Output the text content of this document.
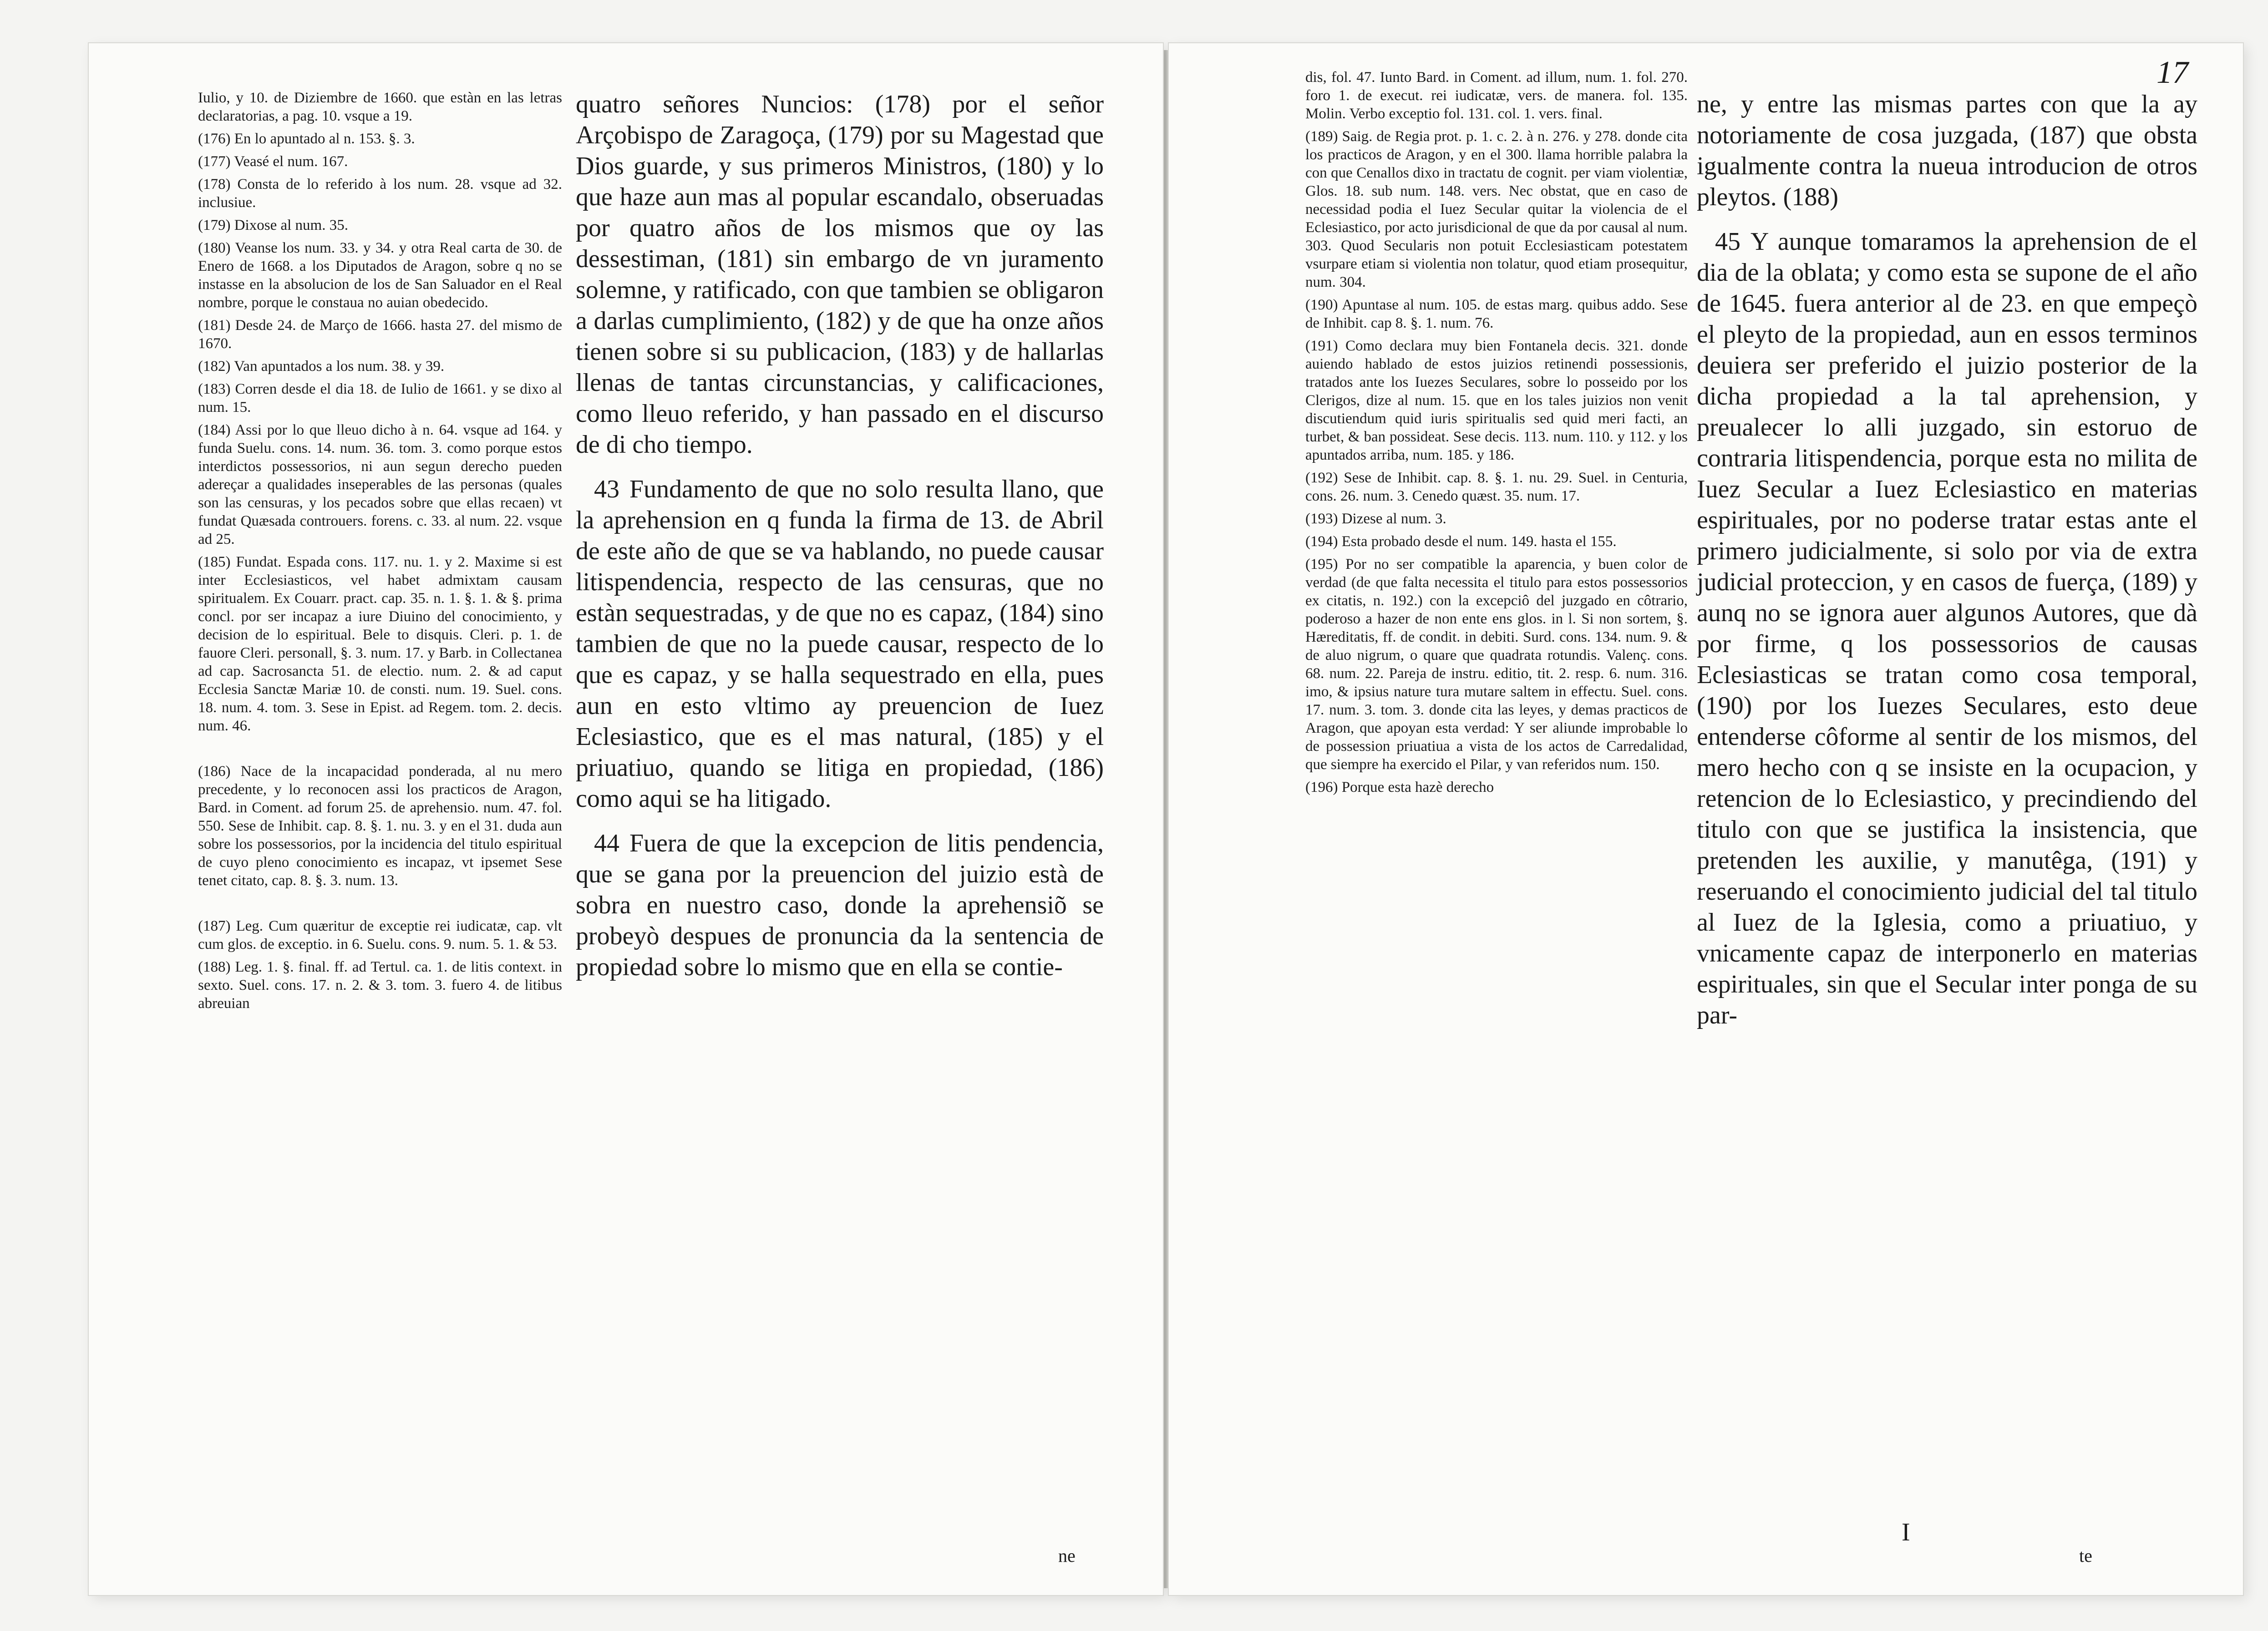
Iulio, y 10. de Diziembre de 1660. que estàn en las letras declaratorias, a pag. 10. vsque a 19.

(176) En lo apuntado al n. 153. §. 3.

(177) Veasé el num. 167.

(178) Consta de lo referido à los num. 28. vsque ad 32. inclusiue.

(179) Dixose al num. 35.

(180) Veanse los num. 33. y 34. y otra Real carta de 30. de Enero de 1668. a los Diputados de Aragon, sobre q no se instasse en la absolucion de los de San Saluador en el Real nombre, porque le constaua no auian obedecido.

(181) Desde 24. de Março de 1666. hasta 27. del mismo de 1670.

(182) Van apuntados a los num. 38. y 39.

(183) Corren desde el dia 18. de Iulio de 1661. y se dixo al num. 15.

(184) Assi por lo que lleuo dicho à n. 64. vsque ad 164. y funda Suelu. cons. 14. num. 36. tom. 3. como porque estos interdictos possessorios, ni aun segun derecho pueden adereçar a qualidades inseperables de las personas (quales son las censuras, y los pecados sobre que ellas recaen) vt fundat Quæsada controuers. forens. c. 33. al num. 22. vsque ad 25.

(185) Fundat. Espada cons. 117. nu. 1. y 2. Maxime si est inter Ecclesiasticos, vel habet admixtam causam spiritualem. Ex Couarr. pract. cap. 35. n. 1. §. 1. & §. prima concl. por ser incapaz a iure Diuino del conocimiento, y decision de lo espiritual. Bele to disquis. Cleri. p. 1. de fauore Cleri. personall, §. 3. num. 17. y Barb. in Collectanea ad cap. Sacrosancta 51. de electio. num. 2. & ad caput Ecclesia Sanctæ Mariæ 10. de consti. num. 19. Suel. cons. 18. num. 4. tom. 3. Sese in Epist. ad Regem. tom. 2. decis. num. 46.

(186) Nace de la incapacidad ponderada, al nu mero precedente, y lo reconocen assi los practicos de Aragon, Bard. in Coment. ad forum 25. de aprehensio. num. 47. fol. 550. Sese de Inhibit. cap. 8. §. 1. nu. 3. y en el 31. duda aun sobre los possessorios, por la incidencia del titulo espiritual de cuyo pleno conocimiento es incapaz, vt ipsemet Sese tenet citato, cap. 8. §. 3. num. 13.

(187) Leg. Cum quæritur de exceptie rei iudicatæ, cap. vlt cum glos. de exceptio. in 6. Suelu. cons. 9. num. 5. 1. & 53.

(188) Leg. 1. §. final. ff. ad Tertul. ca. 1. de litis context. in sexto. Suel. cons. 17. n. 2. & 3. tom. 3. fuero 4. de litibus abreuian

quatro señores Nuncios: (178) por el señor Arçobispo de Zaragoça, (179) por su Magestad que Dios guarde, y sus primeros Ministros, (180) y lo que haze aun mas al popular escandalo, obseruadas por quatro años de los mismos que oy las dessestiman, (181) sin embargo de vn juramento solemne, y ratificado, con que tambien se obligaron a darlas cumplimiento, (182) y de que ha onze años tienen sobre si su publicacion, (183) y de hallarlas llenas de tantas circunstancias, y calificaciones, como lleuo referido, y han passado en el discurso de di cho tiempo.

43 Fundamento de que no solo resulta llano, que la aprehension en q funda la firma de 13. de Abril de este año de que se va hablando, no puede causar litispendencia, respecto de las censuras, que no estàn sequestradas, y de que no es capaz, (184) sino tambien de que no la puede causar, respecto de lo que es capaz, y se halla sequestrado en ella, pues aun en esto vltimo ay preuencion de Iuez Eclesiastico, que es el mas natural, (185) y el priuatiuo, quando se litiga en propiedad, (186) como aqui se ha litigado.

44 Fuera de que la excepcion de litis pendencia, que se gana por la preuencion del juizio està de sobra en nuestro caso, donde la aprehensiõ se probeyò despues de pronuncia da la sentencia de propiedad sobre lo mismo que en ella se contie-

ne
17

dis, fol. 47. Iunto Bard. in Coment. ad illum, num. 1. fol. 270. foro 1. de execut. rei iudicatæ, vers. de manera. fol. 135. Molin. Verbo exceptio fol. 131. col. 1. vers. final.

(189) Saig. de Regia prot. p. 1. c. 2. à n. 276. y 278. donde cita los practicos de Aragon, y en el 300. llama horrible palabra la con que Cenallos dixo in tractatu de cognit. per viam violentiæ, Glos. 18. sub num. 148. vers. Nec obstat, que en caso de necessidad podia el Iuez Secular quitar la violencia de el Eclesiastico, por acto jurisdicional de que da por causal al num. 303. Quod Secularis non potuit Ecclesiasticam potestatem vsurpare etiam si violentia non tolatur, quod etiam prosequitur, num. 304.

(190) Apuntase al num. 105. de estas marg. quibus addo. Sese de Inhibit. cap 8. §. 1. num. 76.

(191) Como declara muy bien Fontanela decis. 321. donde auiendo hablado de estos juizios retinendi possessionis, tratados ante los Iuezes Seculares, sobre lo posseido por los Clerigos, dize al num. 15. que en los tales juizios non venit discutiendum quid iuris spiritualis sed quid meri facti, an turbet, & ban possideat. Sese decis. 113. num. 110. y 112. y los apuntados arriba, num. 185. y 186.

(192) Sese de Inhibit. cap. 8. §. 1. nu. 29. Suel. in Centuria, cons. 26. num. 3. Cenedo quæst. 35. num. 17.

(193) Dizese al num. 3.

(194) Esta probado desde el num. 149. hasta el 155.

(195) Por no ser compatible la aparencia, y buen color de verdad (de que falta necessita el titulo para estos possessorios ex citatis, n. 192.) con la excepciô del juzgado en côtrario, poderoso a hazer de non ente ens glos. in l. Si non sortem, §. Hæreditatis, ff. de condit. in debiti. Surd. cons. 134. num. 9. & de aluo nigrum, o quare que quadrata rotundis. Valenç. cons. 68. num. 22. Pareja de instru. editio, tit. 2. resp. 6. num. 316. imo, & ipsius nature tura mutare saltem in effectu. Suel. cons. 17. num. 3. tom. 3. donde cita las leyes, y demas practicos de Aragon, que apoyan esta verdad: Y ser aliunde improbable lo de possession priuatiua a vista de los actos de Carredalidad, que siempre ha exercido el Pilar, y van referidos num. 150.

(196) Porque esta hazè derecho

ne, y entre las mismas partes con que la ay notoriamente de cosa juzgada, (187) que obsta igualmente contra la nueua introducion de otros pleytos. (188)

45 Y aunque tomaramos la aprehension de el dia de la oblata; y como esta se supone de el año de 1645. fuera anterior al de 23. en que empeçò el pleyto de la propiedad, aun en essos terminos deuiera ser preferido el juizio posterior de la dicha propiedad a la tal aprehension, y preualecer lo alli juzgado, sin estoruo de contraria litispendencia, porque esta no milita de Iuez Secular a Iuez Eclesiastico en materias espirituales, por no poderse tratar estas ante el primero judicialmente, si solo por via de extra judicial proteccion, y en casos de fuerça, (189) y aunq no se ignora auer algunos Autores, que dà por firme, q los possessorios de causas Eclesiasticas se tratan como cosa temporal, (190) por los Iuezes Seculares, esto deue entenderse côforme al sentir de los mismos, del mero hecho con q se insiste en la ocupacion, y retencion de lo Eclesiastico, y precindiendo del titulo con que se justifica la insistencia, que pretenden les auxilie, y manutêga, (191) y reseruando el conocimiento judicial del tal titulo al Iuez de la Iglesia, como a priuatiuo, y vnicamente capaz de interponerlo en materias espirituales, sin que el Secular inter ponga de su par-

I
te
